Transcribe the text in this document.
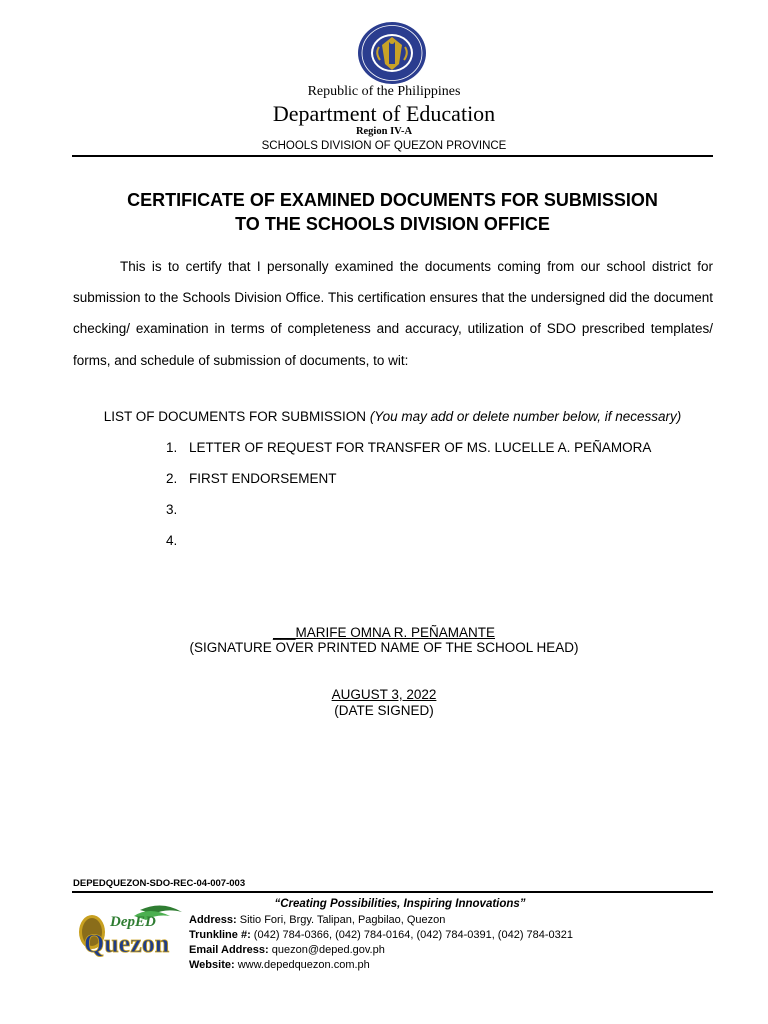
Republic of the Philippines
Department of Education
Region IV-A
SCHOOLS DIVISION OF QUEZON PROVINCE
CERTIFICATE OF EXAMINED DOCUMENTS FOR SUBMISSION
TO THE SCHOOLS DIVISION OFFICE
This is to certify that I personally examined the documents coming from our school district for submission to the Schools Division Office. This certification ensures that the undersigned did the document checking/ examination in terms of completeness and accuracy, utilization of SDO prescribed templates/ forms, and schedule of submission of documents, to wit:
LIST OF DOCUMENTS FOR SUBMISSION (You may add or delete number below, if necessary)
1. LETTER OF REQUEST FOR TRANSFER OF MS. LUCELLE A. PEÑAMORA
2. FIRST ENDORSEMENT
3.
4.
___MARIFE OMNA R. PEÑAMANTE
(SIGNATURE OVER PRINTED NAME OF THE SCHOOL HEAD)
AUGUST 3, 2022
(DATE SIGNED)
DEPEDQUEZON-SDO-REC-04-007-003
“Creating Possibilities, Inspiring Innovations”
DepED
Quezon
Address: Sitio Fori, Brgy. Talipan, Pagbilao, Quezon
Trunkline #: (042) 784-0366, (042) 784-0164, (042) 784-0391, (042) 784-0321
Email Address: quezon@deped.gov.ph
Website: www.depedquezon.com.ph
